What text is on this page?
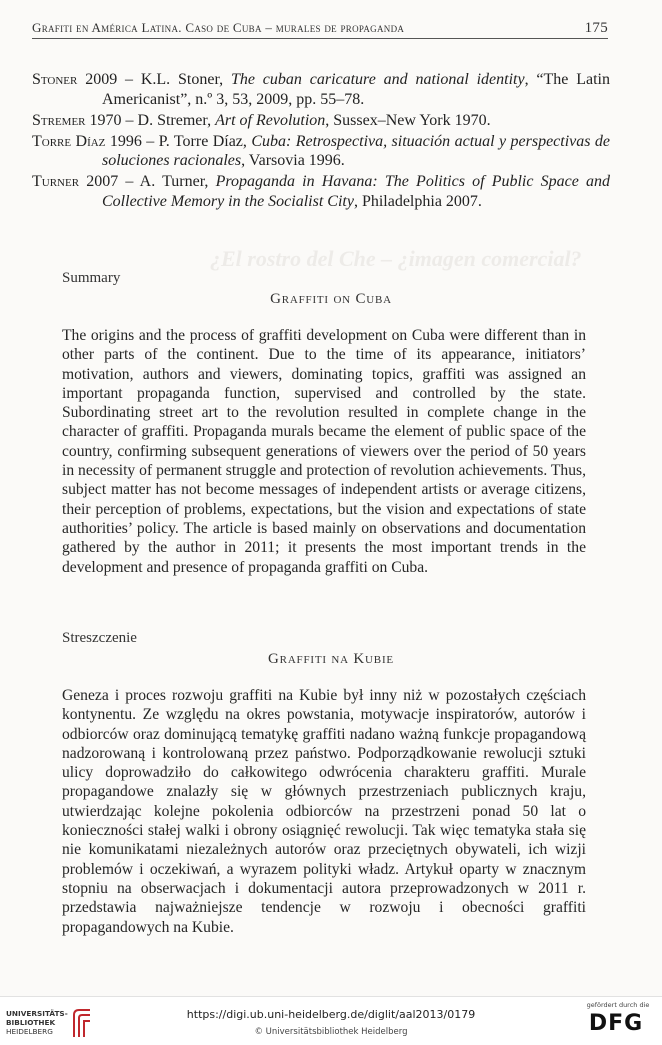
¿El rostro del Che – ¿imagen comercial?
Grafiti en América Latina. Caso de Cuba – murales de propaganda	175

Stoner 2009 – K.L. Stoner, The cuban caricature and national identity, “The Latin Americanist”, n.º 3, 53, 2009, pp. 55–78.

Stremer 1970 – D. Stremer, Art of Revolution, Sussex–New York 1970.

Torre Díaz 1996 – P. Torre Díaz, Cuba: Retrospectiva, situación actual y perspectivas de soluciones racionales, Varsovia 1996.

Turner 2007 – A. Turner, Propaganda in Havana: The Politics of Public Space and Collective Memory in the Socialist City, Philadelphia 2007.

Summary
Graffiti on Cuba

The origins and the process of graffiti development on Cuba were different than in other parts of the continent. Due to the time of its appearance, initiators’ motivation, authors and viewers, dominating topics, graffiti was assigned an important propaganda function, supervised and controlled by the state. Subordinating street art to the revolution resulted in complete change in the character of graffiti. Propaganda murals became the element of public space of the country, confirming subsequent generations of viewers over the period of 50 years in necessity of permanent struggle and protection of revolution achievements. Thus, subject matter has not become messages of independent artists or average citizens, their perception of problems, expectations, but the vision and expectations of state authorities’ policy. The article is based mainly on observations and documentation gathered by the author in 2011; it presents the most important trends in the development and presence of propaganda graffiti on Cuba.

Streszczenie
Graffiti na Kubie

Geneza i proces rozwoju graffiti na Kubie był inny niż w pozostałych częściach kontynentu. Ze względu na okres powstania, motywacje inspiratorów, autorów i odbiorców oraz dominującą tematykę graffiti nadano ważną funkcje propagandową nadzorowaną i kontrolowaną przez państwo. Podporządkowanie rewolucji sztuki ulicy doprowadziło do całkowitego odwrócenia charakteru graffiti. Murale propagandowe znalazły się w głównych przestrzeniach publicznych kraju, utwierdzając kolejne pokolenia odbiorców na przestrzeni ponad 50 lat o konieczności stałej walki i obrony osiągnięć rewolucji. Tak więc tematyka stała się nie komunikatami niezależnych autorów oraz przeciętnych obywateli, ich wizji problemów i oczekiwań, a wyrazem polityki władz. Artykuł oparty w znacznym stopniu na obserwacjach i dokumentacji autora przeprowadzonych w 2011 r. przedstawia najważniejsze tendencje w rozwoju i obecności graffiti propagandowych na Kubie.

UNIVERSITÄTS-
BIBLIOTHEK
HEIDELBERG
https://digi.ub.uni-heidelberg.de/diglit/aal2013/0179
© Universitätsbibliothek Heidelberg
gefördert durch die
DFG
